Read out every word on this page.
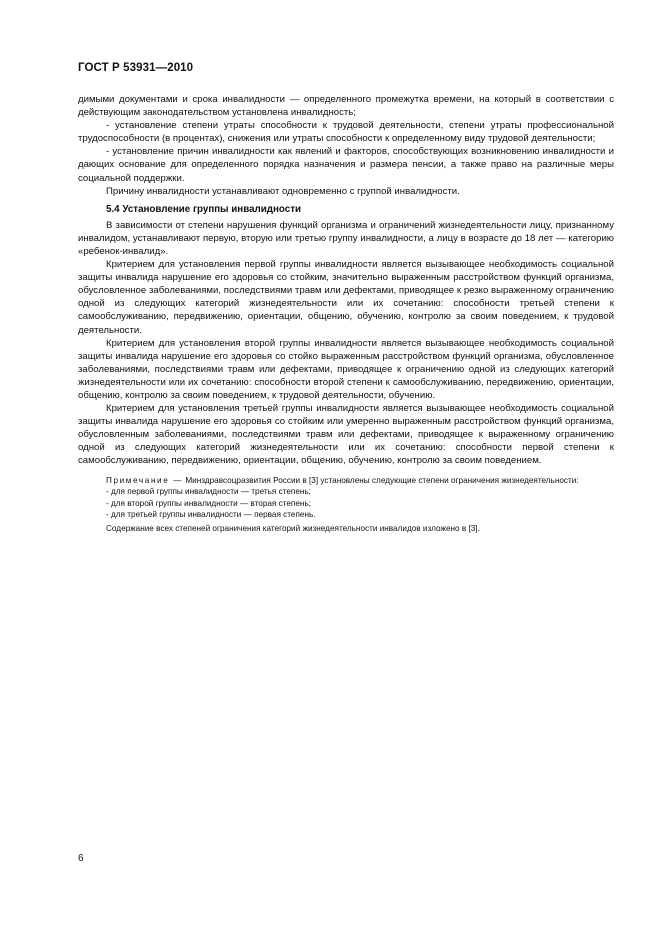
ГОСТ Р 53931—2010

димыми документами и срока инвалидности — определенного промежутка времени, на который в соответствии с действующим законодательством установлена инвалидность;

- установление степени утраты способности к трудовой деятельности, степени утраты профессиональной трудоспособности (в процентах), снижения или утраты способности к определенному виду трудовой деятельности;

- установление причин инвалидности как явлений и факторов, способствующих возникновению инвалидности и дающих основание для определенного порядка назначения и размера пенсии, а также право на различные меры социальной поддержки.

Причину инвалидности устанавливают одновременно с группой инвалидности.

5.4 Установление группы инвалидности

В зависимости от степени нарушения функций организма и ограничений жизнедеятельности лицу, признанному инвалидом, устанавливают первую, вторую или третью группу инвалидности, а лицу в возрасте до 18 лет — категорию «ребенок-инвалид».

Критерием для установления первой группы инвалидности является вызывающее необходимость социальной защиты инвалида нарушение его здоровья со стойким, значительно выраженным расстройством функций организма, обусловленное заболеваниями, последствиями травм или дефектами, приводящее к резко выраженному ограничению одной из следующих категорий жизнедеятельности или их сочетанию: способности третьей степени к самообслуживанию, передвижению, ориентации, общению, обучению, контролю за своим поведением, к трудовой деятельности.

Критерием для установления второй группы инвалидности является вызывающее необходимость социальной защиты инвалида нарушение его здоровья со стойко выраженным расстройством функций организма, обусловленное заболеваниями, последствиями травм или дефектами, приводящее к ограничению одной из следующих категорий жизнедеятельности или их сочетанию: способности второй степени к самообслуживанию, передвижению, ориентации, общению, контролю за своим поведением, к трудовой деятельности, обучению.

Критерием для установления третьей группы инвалидности является вызывающее необходимость социальной защиты инвалида нарушение его здоровья со стойким или умеренно выраженным расстройством функций организма, обусловленным заболеваниями, последствиями травм или дефектами, приводящее к выраженному ограничению одной из следующих категорий жизнедеятельности или их сочетанию: способности первой степени к самообслуживанию, передвижению, ориентации, общению, обучению, контролю за своим поведением.

Примечание — Минздравсоцразвития России в [3] установлены следующие степени ограничения жизнедеятельности:

- для первой группы инвалидности — третья степень;

- для второй группы инвалидности — вторая степень;

- для третьей группы инвалидности — первая степень.

Содержание всех степеней ограничения категорий жизнедеятельности инвалидов изложено в [3].

6
